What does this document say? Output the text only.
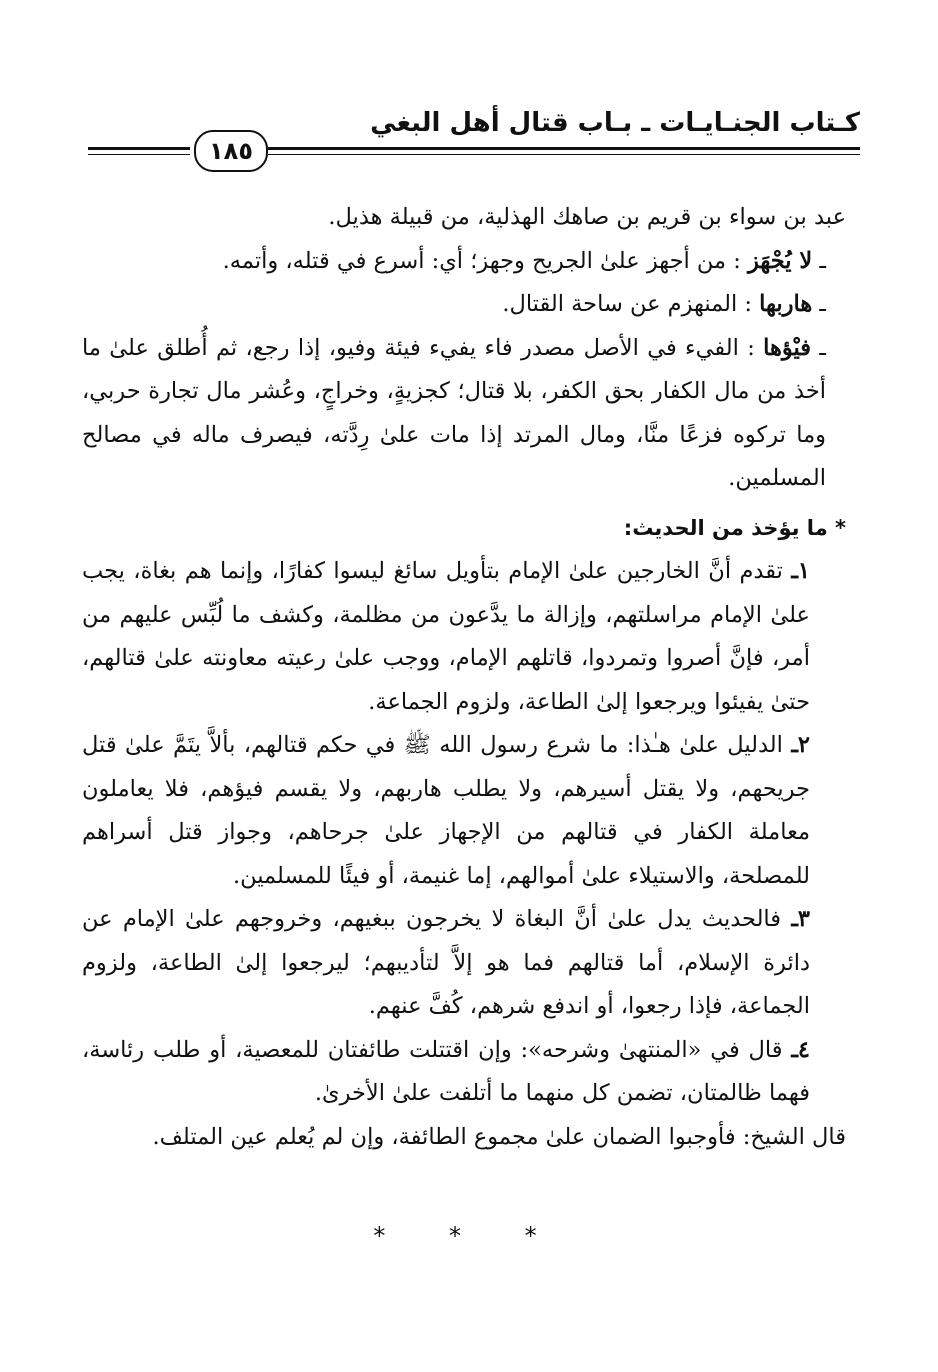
كـتاب الجنـايـات ـ بـاب قتال أهل البغي
١٨٥
عبد بن سواء بن قريم بن صاهك الهذلية، من قبيلة هذيل.
ـ لا يُجْهَز : من أجهز علىٰ الجريح وجهز؛ أي: أسرع في قتله، وأتمه.
ـ هاربها : المنهزم عن ساحة القتال.
ـ فيْؤها : الفيء في الأصل مصدر فاء يفيء فيئة وفيو، إذا رجع، ثم أُطلق علىٰ ما أخذ من مال الكفار بحق الكفر، بلا قتال؛ كجزيةٍ، وخراجٍ، وعُشر مال تجارة حربي، وما تركوه فزعًا منَّا، ومال المرتد إذا مات علىٰ رِدَّته، فيصرف ماله في مصالح المسلمين.
* ما يؤخذ من الحديث:
١ـ تقدم أنَّ الخارجين علىٰ الإمام بتأويل سائغ ليسوا كفارًا، وإنما هم بغاة، يجب علىٰ الإمام مراسلتهم، وإزالة ما يدَّعون من مظلمة، وكشف ما لُبِّس عليهم من أمر، فإنَّ أصروا وتمردوا، قاتلهم الإمام، ووجب علىٰ رعيته معاونته علىٰ قتالهم، حتىٰ يفيئوا ويرجعوا إلىٰ الطاعة، ولزوم الجماعة.
٢ـ الدليل علىٰ هـٰذا: ما شرع رسول الله ﷺ في حكم قتالهم، بألاَّ يتَمَّ علىٰ قتل جريحهم، ولا يقتل أسيرهم، ولا يطلب هاربهم، ولا يقسم فيؤهم، فلا يعاملون معاملة الكفار في قتالهم من الإجهاز علىٰ جرحاهم، وجواز قتل أسراهم للمصلحة، والاستيلاء علىٰ أموالهم، إما غنيمة، أو فيئًا للمسلمين.
٣ـ فالحديث يدل علىٰ أنَّ البغاة لا يخرجون ببغيهم، وخروجهم علىٰ الإمام عن دائرة الإسلام، أما قتالهم فما هو إلاَّ لتأديبهم؛ ليرجعوا إلىٰ الطاعة، ولزوم الجماعة، فإذا رجعوا، أو اندفع شرهم، كُفَّ عنهم.
٤ـ قال في «المنتهىٰ وشرحه»: وإن اقتتلت طائفتان للمعصية، أو طلب رئاسة، فهما ظالمتان، تضمن كل منهما ما أتلفت علىٰ الأخرىٰ.
قال الشيخ: فأوجبوا الضمان علىٰ مجموع الطائفة، وإن لم يُعلم عين المتلف.
* * *
